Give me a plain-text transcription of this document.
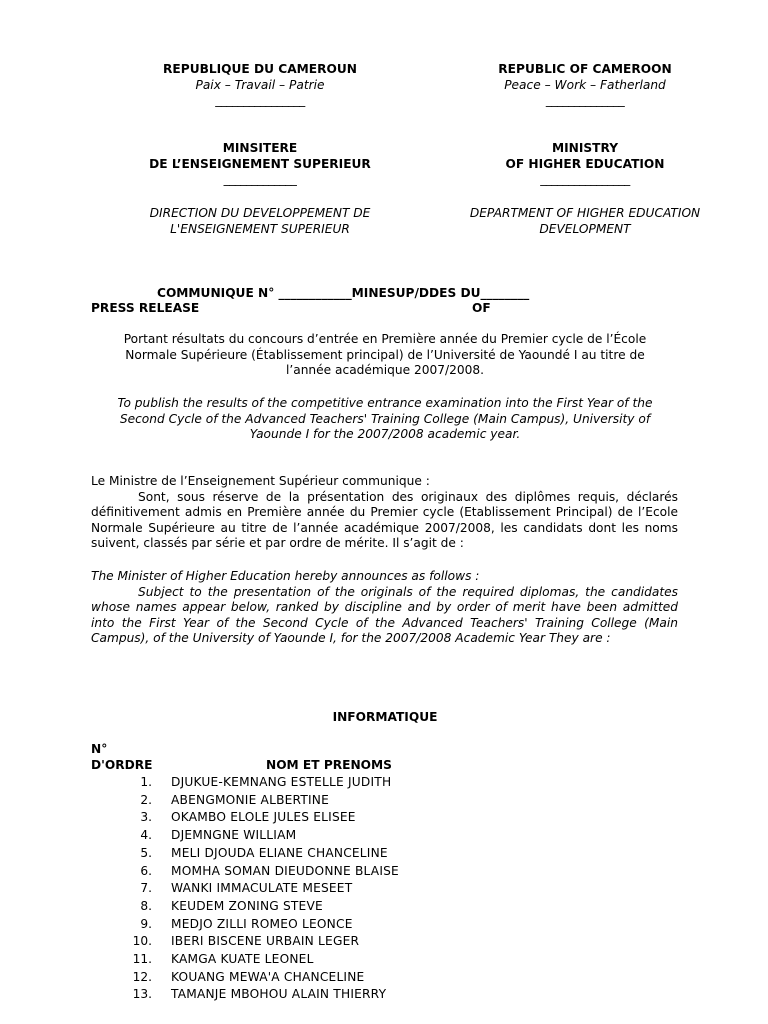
REPUBLIQUE DU CAMEROUN
Paix – Travail – Patrie
________________
MINSITERE
DE L’ENSEIGNEMENT SUPERIEUR
_____________
DIRECTION DU DEVELOPPEMENT DE
L'ENSEIGNEMENT SUPERIEUR
REPUBLIC OF CAMEROON
Peace – Work – Fatherland
______________
MINISTRY
OF HIGHER EDUCATION
________________
DEPARTMENT OF HIGHER EDUCATION
DEVELOPMENT
COMMUNIQUE N° ____________MINESUP/DDES DU________
PRESS RELEASE	OF
Portant résultats du concours d’entrée en Première année du Premier cycle de l’École
Normale Supérieure (Établissement principal) de l’Université de Yaoundé I au titre de
l’année académique 2007/2008.
To publish the results of the competitive entrance examination into the First Year of the
Second Cycle of the Advanced Teachers' Training College (Main Campus), University of
Yaounde I for the 2007/2008 academic year.
Le Ministre de l’Enseignement Supérieur communique :
Sont, sous réserve de la présentation des originaux des diplômes requis, déclarés définitivement admis en Première année du Premier cycle (Etablissement Principal) de l’Ecole Normale Supérieure au titre de l’année académique 2007/2008, les candidats dont les noms suivent, classés par série et par ordre de mérite. Il s’agit de :
The Minister of Higher Education hereby announces as follows :
Subject to the presentation of the originals of the required diplomas, the candidates whose names appear below, ranked by discipline and by order of merit have been admitted into the First Year of the Second Cycle of the Advanced Teachers' Training College (Main Campus), of the University of Yaounde I, for the 2007/2008 Academic Year They are :
INFORMATIQUE
N°
D'ORDRE	NOM ET PRENOMS
1. DJUKUE-KEMNANG ESTELLE JUDITH
2. ABENGMONIE ALBERTINE
3. OKAMBO ELOLE JULES ELISEE
4. DJEMNGNE WILLIAM
5. MELI DJOUDA ELIANE CHANCELINE
6. MOMHA SOMAN DIEUDONNE BLAISE
7. WANKI IMMACULATE MESEET
8. KEUDEM ZONING STEVE
9. MEDJO ZILLI ROMEO LEONCE
10. IBERI BISCENE URBAIN LEGER
11. KAMGA KUATE LEONEL
12. KOUANG MEWA'A CHANCELINE
13. TAMANJE MBOHOU ALAIN THIERRY
